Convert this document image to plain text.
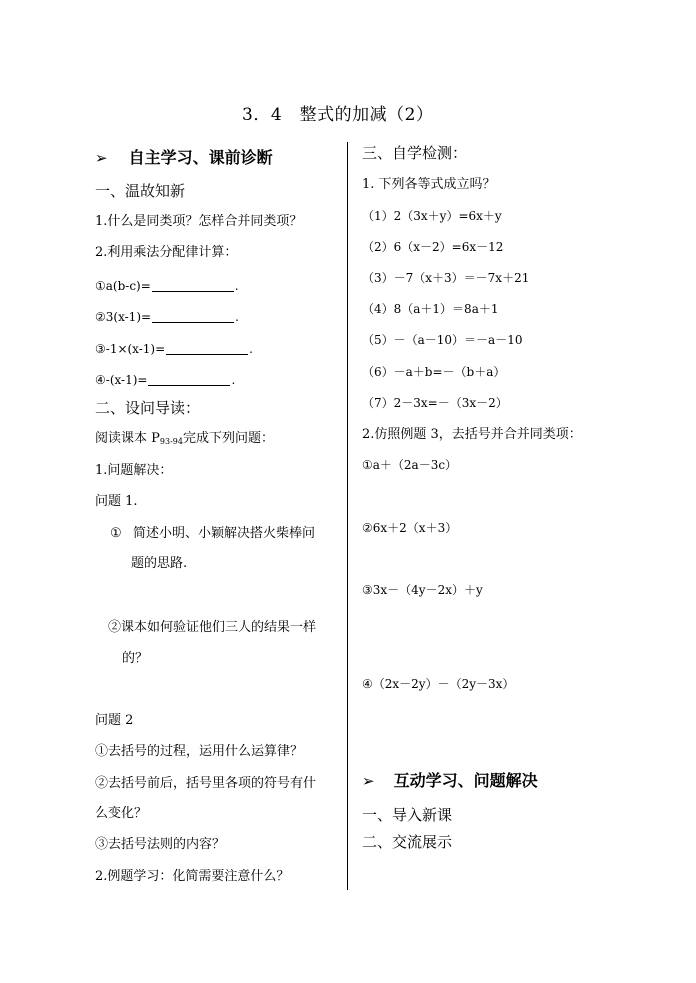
3．4　整式的加减（2）
➢ 自主学习、课前诊断
一、温故知新
1.什么是同类项？怎样合并同类项？
2.利用乘法分配律计算：
①a(b-c)=	.
②3(x-1)=	.
③-1×(x-1)=	.
④-(x-1)=	.
二、设问导读：
阅读课本 $P_{93-94}$完成下列问题：
1.问题解决：
问题 1.
① 简述小明、小颖解决搭火柴棒问
题的思路.
②课本如何验证他们三人的结果一样
的？
问题 2
①去括号的过程，运用什么运算律？
②去括号前后，括号里各项的符号有什
么变化？
③去括号法则的内容？
2.例题学习：化简需要注意什么？
三、自学检测：
1. 下列各等式成立吗？
（1）2（3x＋y）=6x＋y
（2）6（x－2）=6x－12
（3）－7（x＋3）＝－7x＋21
（4）8（a＋1）＝8a＋1
（5）－（a－10）＝－a－10
（6）－a＋b=－（b＋a）
（7）2－3x=－（3x－2）
2.仿照例题 3，去括号并合并同类项：
①a＋（2a－3c）
②6x＋2（x＋3）
③3x－（4y－2x）＋y
④（2x－2y）－（2y－3x）
➢ 互动学习、问题解决
一、导入新课
二、交流展示
